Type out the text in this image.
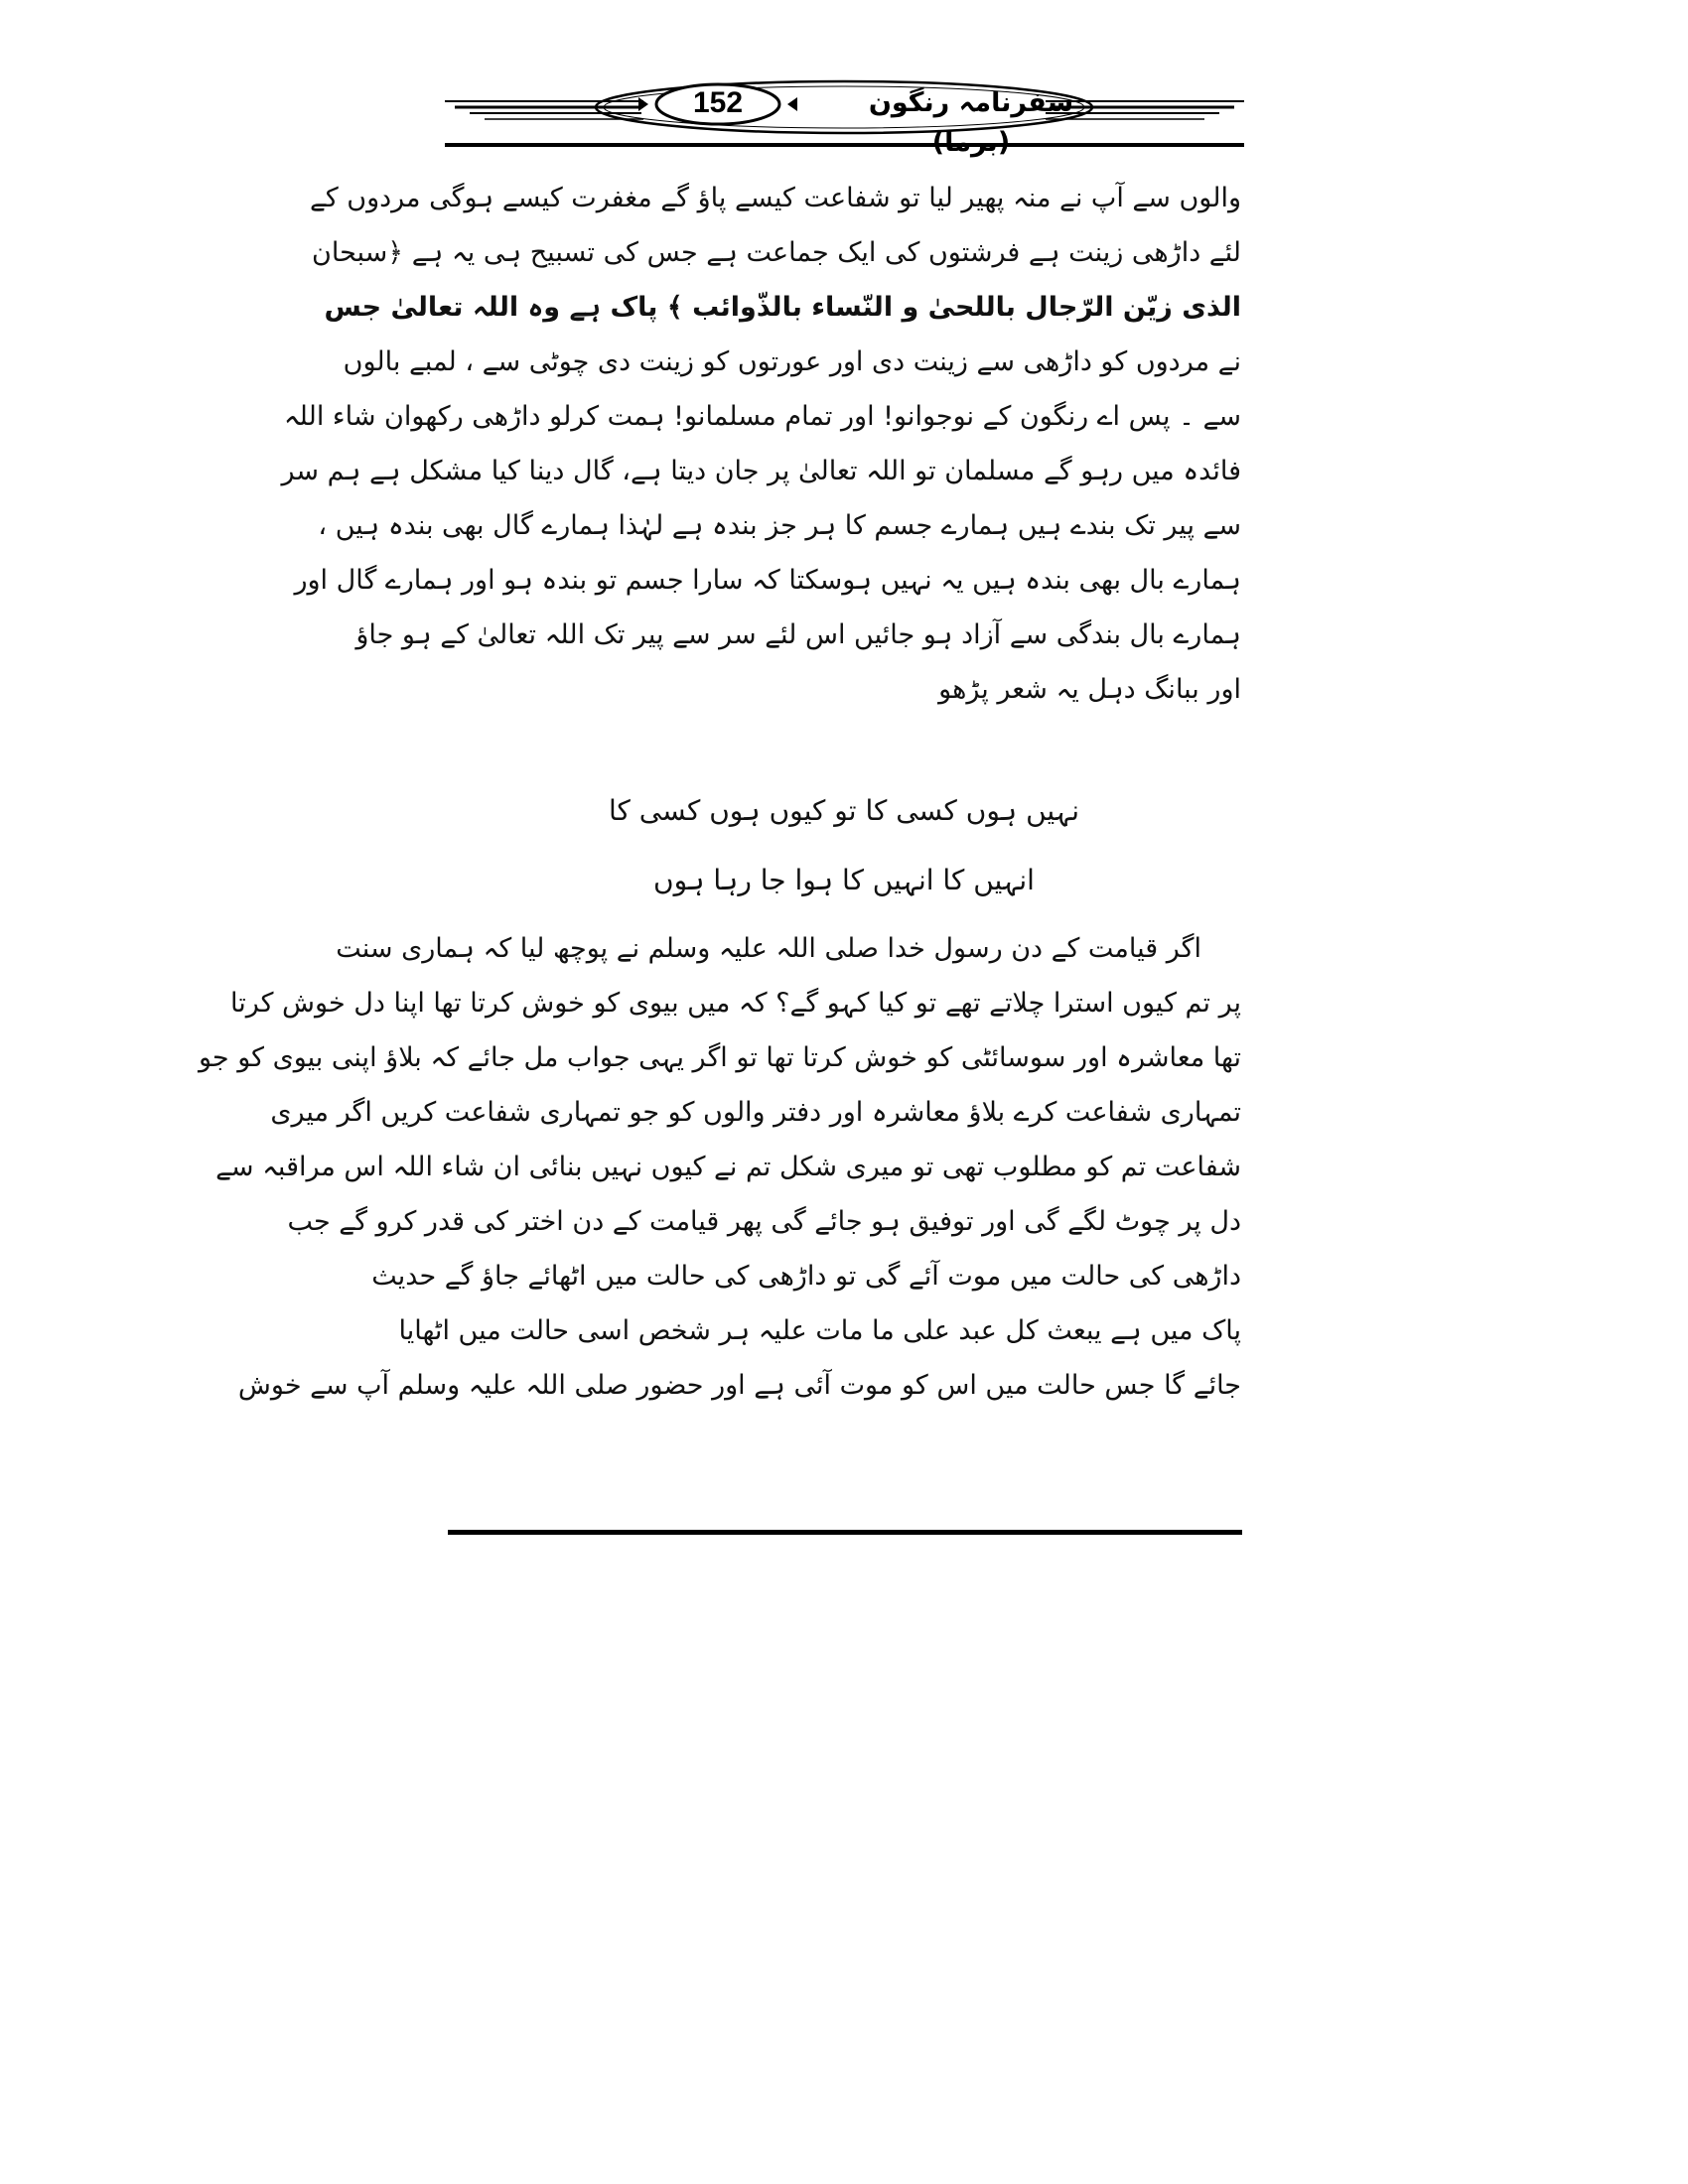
152	سفرنامہ رنگون
والوں سے آپ نے منہ پھیر لیا تو شفاعت کیسے پاؤ گے مغفرت کیسے ہوگی مردوں کے
لئے داڑھی زینت ہے فرشتوں کی ایک جماعت ہے جس کی تسبیح ہی یہ ہے ﴿سبحان
الذی زیّن الرّجال باللحیٰ و النّساء بالذّوائب ﴾ پاک ہے وہ اللہ تعالیٰ جس
نے مردوں کو داڑھی سے زینت دی اور عورتوں کو زینت دی چوٹی سے ، لمبے بالوں
سے ۔ پس اے رنگون کے نوجوانو! اور تمام مسلمانو! ہمت کرلو داڑھی رکھوان شاء اللہ
فائدہ میں رہو گے مسلمان تو اللہ تعالیٰ پر جان دیتا ہے، گال دینا کیا مشکل ہے ہم سر
سے پیر تک بندے ہیں ہمارے جسم کا ہر جز بندہ ہے لہٰذا ہمارے گال بھی بندہ ہیں ،
ہمارے بال بھی بندہ ہیں یہ نہیں ہوسکتا کہ سارا جسم تو بندہ ہو اور ہمارے گال اور
ہمارے بال بندگی سے آزاد ہو جائیں اس لئے سر سے پیر تک اللہ تعالیٰ کے ہو جاؤ
اور ببانگ دہل یہ شعر پڑھو
نہیں ہوں کسی کا تو کیوں ہوں کسی کا
انہیں کا انہیں کا ہوا جا رہا ہوں
اگر قیامت کے دن رسول خدا صلی اللہ علیہ وسلم نے پوچھ لیا کہ ہماری سنت
پر تم کیوں استرا چلاتے تھے تو کیا کہو گے؟ کہ میں بیوی کو خوش کرتا تھا اپنا دل خوش کرتا
تھا معاشرہ اور سوسائٹی کو خوش کرتا تھا تو اگر یہی جواب مل جائے کہ بلاؤ اپنی بیوی کو جو
تمہاری شفاعت کرے بلاؤ معاشرہ اور دفتر والوں کو جو تمہاری شفاعت کریں اگر میری
شفاعت تم کو مطلوب تھی تو میری شکل تم نے کیوں نہیں بنائی ان شاء اللہ اس مراقبہ سے
دل پر چوٹ لگے گی اور توفیق ہو جائے گی پھر قیامت کے دن اختر کی قدر کرو گے جب
داڑھی کی حالت میں موت آئے گی تو داڑھی کی حالت میں اٹھائے جاؤ گے حدیث
پاک میں ہے یبعث کل عبد علی ما مات علیہ ہر شخص اسی حالت میں اٹھایا
جائے گا جس حالت میں اس کو موت آئی ہے اور حضور صلی اللہ علیہ وسلم آپ سے خوش
